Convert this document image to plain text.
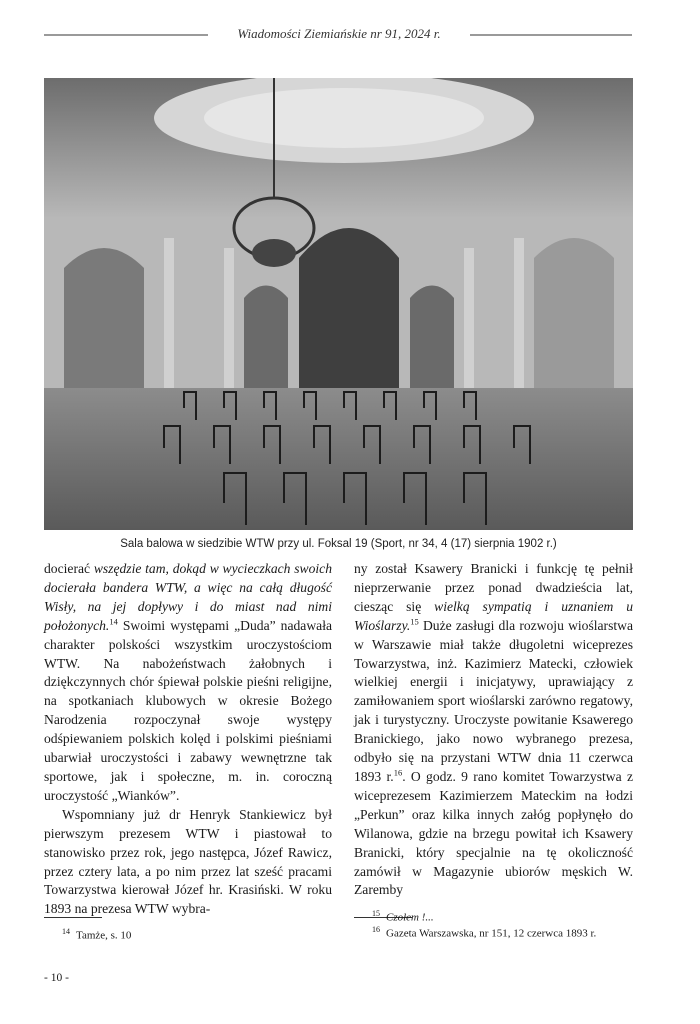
Wiadomości Ziemiańskie nr 91, 2024 r.
Sala balowa w siedzibie WTW przy ul. Foksal 19 (Sport, nr 34, 4 (17) sierpnia 1902 r.)

docierać wszędzie tam, dokąd w wycieczkach swoich docierała bandera WTW, a więc na całą długość Wisły, na jej dopływy i do miast nad nimi położonych.$^{14}$ Swoimi występami „Duda” nadawała charakter polskości wszystkim uroczystościom WTW. Na nabożeństwach żałobnych i dziękczynnych chór śpiewał polskie pieśni religijne, na spotkaniach klubowych w okresie Bożego Narodzenia rozpoczynał swoje występy odśpiewaniem polskich kolęd i polskimi pieśniami ubarwiał uroczystości i zabawy wewnętrzne tak sportowe, jak i społeczne, m. in. coroczną uroczystość „Wianków”.

Wspomniany już dr Henryk Stankiewicz był pierwszym prezesem WTW i piastował to stanowisko przez rok, jego następca, Józef Rawicz, przez cztery lata, a po nim przez lat sześć pracami Towarzystwa kierował Józef hr. Krasiński. W roku 1893 na prezesa WTW wybra-

ny został Ksawery Branicki i funkcję tę pełnił nieprzerwanie przez ponad dwadzieścia lat, ciesząc się wielką sympatią i uznaniem u Wioślarzy.$^{15}$ Duże zasługi dla rozwoju wioślarstwa w Warszawie miał także długoletni wiceprezes Towarzystwa, inż. Kazimierz Matecki, człowiek wielkiej energii i inicjatywy, uprawiający z zamiłowaniem sport wioślarski zarówno regatowy, jak i turystyczny. Uroczyste powitanie Ksawerego Branickiego, jako nowo wybranego prezesa, odbyło się na przystani WTW dnia 11 czerwca 1893 r.$^{16}$. O godz. 9 rano komitet Towarzystwa z wiceprezesem Kazimierzem Mateckim na łodzi „Perkun” oraz kilka innych załóg popłynęło do Wilanowa, gdzie na brzegu powitał ich Ksawery Branicki, który specjalnie na tę okoliczność zamówił w Magazynie ubiorów męskich W. Zaremby

$^{14}$ Tamże, s. 10
$^{15}$ Czołem !...
$^{16}$ Gazeta Warszawska, nr 151, 12 czerwca 1893 r.
- 10 -
